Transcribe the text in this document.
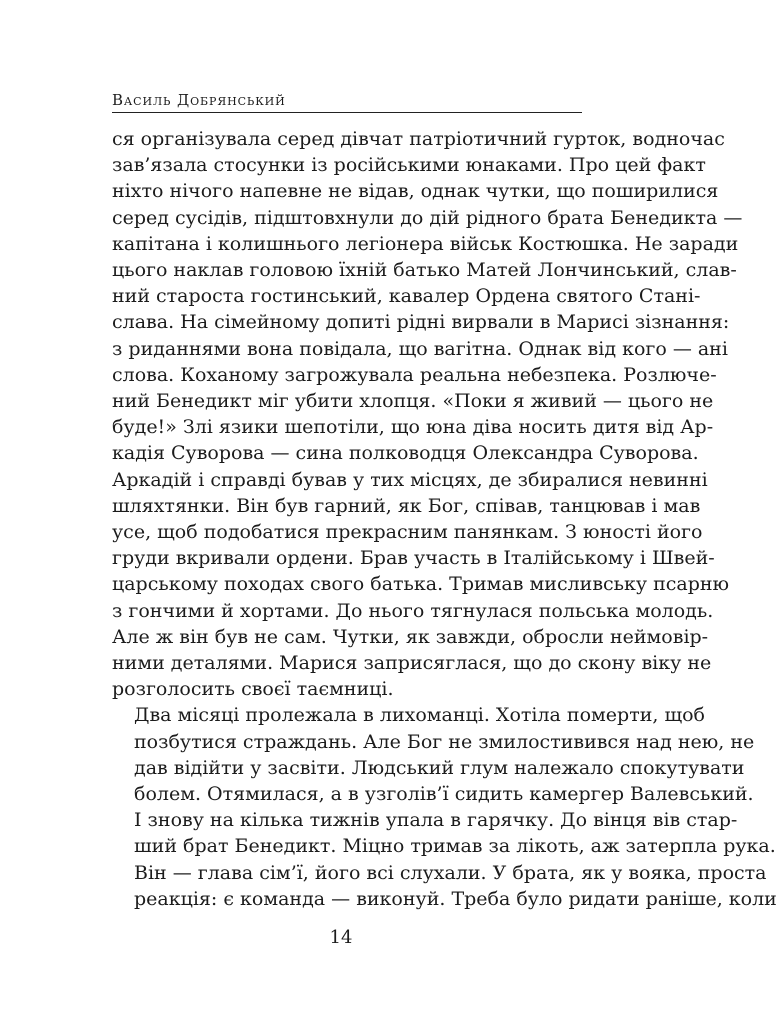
Василь Добрянський

ся організувала серед дівчат патріотичний гурток, водночас
зав’язала стосунки із російськими юнаками. Про цей факт
ніхто нічого напевне не відав, однак чутки, що поширилися
серед сусідів, підштовхнули до дій рідного брата Бенедикта —
капітана і колишнього легіонера військ Костюшка. Не заради
цього наклав головою їхній батько Матей Лончинський, слав-
ний староста гостинський, кавалер Ордена святого Стані-
слава. На сімейному допиті рідні вирвали в Марисі зізнання:
з риданнями вона повідала, що вагітна. Однак від кого — ані
слова. Коханому загрожувала реальна небезпека. Розлюче-
ний Бенедикт міг убити хлопця. «Поки я живий — цього не
буде!» Злі язики шепотіли, що юна діва носить дитя від Ар-
кадія Суворова — сина полководця Олександра Суворова.
Аркадій і справді бував у тих місцях, де збиралися невинні
шляхтянки. Він був гарний, як Бог, співав, танцював і мав
усе, щоб подобатися прекрасним панянкам. З юності його
груди вкривали ордени. Брав участь в Італійському і Швей-
царському походах свого батька. Тримав мисливську псарню
з гончими й хортами. До нього тягнулася польська молодь.
Але ж він був не сам. Чутки, як завжди, обросли неймовір-
ними деталями. Марися заприсяглася, що до скону віку не
розголосить своєї таємниці.

Два місяці пролежала в лихоманці. Хотіла померти, щоб
позбутися страждань. Але Бог не змилостивився над нею, не
дав відійти у засвіти. Людський глум належало спокутувати
болем. Отямилася, а в узголів’ї сидить камергер Валевський.
І знову на кілька тижнів упала в гарячку. До вінця вів стар-
ший брат Бенедикт. Міцно тримав за лікоть, аж затерпла рука.
Він — глава сім’ї, його всі слухали. У брата, як у вояка, проста
реакція: є команда — виконуй. Треба було ридати раніше, коли

14
